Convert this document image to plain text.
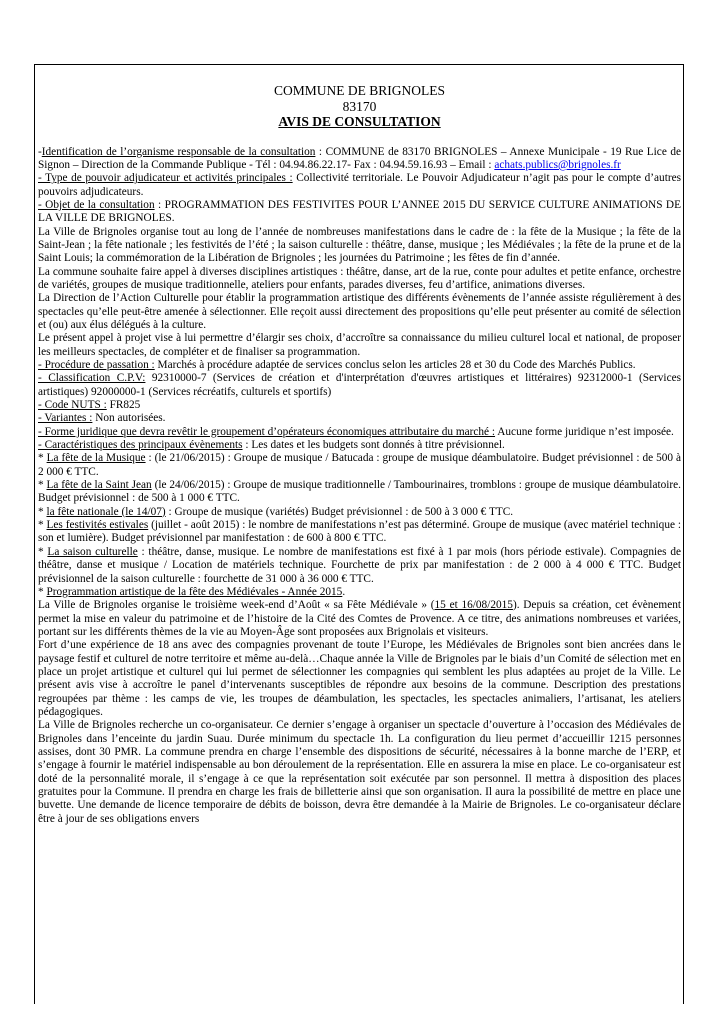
COMMUNE DE BRIGNOLES
83170
AVIS DE CONSULTATION

-Identification de l’organisme responsable de la consultation : COMMUNE de 83170 BRIGNOLES – Annexe Municipale - 19 Rue Lice de Signon – Direction de la Commande Publique - Tél : 04.94.86.22.17- Fax : 04.94.59.16.93 – Email : achats.publics@brignoles.fr

- Type de pouvoir adjudicateur et activités principales : Collectivité territoriale. Le Pouvoir Adjudicateur n’agit pas pour le compte d’autres pouvoirs adjudicateurs.

- Objet de la consultation : PROGRAMMATION DES FESTIVITES POUR L’ANNEE 2015 DU SERVICE CULTURE ANIMATIONS DE LA VILLE DE BRIGNOLES.

La Ville de Brignoles organise tout au long de l’année de nombreuses manifestations dans le cadre de : la fête de la Musique ; la fête de la Saint-Jean ; la fête nationale ; les festivités de l’été ; la saison culturelle : théâtre, danse, musique ; les Médiévales ; la fête de la prune et de la Saint Louis; la commémoration de la Libération de Brignoles ; les journées du Patrimoine ; les fêtes de fin d’année.

La commune souhaite faire appel à diverses disciplines artistiques : théâtre, danse, art de la rue, conte pour adultes et petite enfance, orchestre de variétés, groupes de musique traditionnelle, ateliers pour enfants, parades diverses, feu d’artifice, animations diverses.

La Direction de l’Action Culturelle pour établir la programmation artistique des différents évènements de l’année assiste régulièrement à des spectacles qu’elle peut-être amenée à sélectionner. Elle reçoit aussi directement des propositions qu’elle peut présenter au comité de sélection et (ou) aux élus délégués à la culture.

Le présent appel à projet vise à lui permettre d’élargir ses choix, d’accroître sa connaissance du milieu culturel local et national, de proposer les meilleurs spectacles, de compléter et de finaliser sa programmation.

- Procédure de passation : Marchés à procédure adaptée de services conclus selon les articles 28 et 30 du Code des Marchés Publics.

- Classification C.P.V: 92310000-7 (Services de création et d'interprétation d'œuvres artistiques et littéraires) 92312000-1 (Services artistiques) 92000000-1 (Services récréatifs, culturels et sportifs)

- Code NUTS : FR825

- Variantes : Non autorisées.

- Forme juridique que devra revêtir le groupement d’opérateurs économiques attributaire du marché : Aucune forme juridique n’est imposée.

- Caractéristiques des principaux évènements : Les dates et les budgets sont donnés à titre prévisionnel.

* La fête de la Musique : (le 21/06/2015) : Groupe de musique / Batucada : groupe de musique déambulatoire. Budget prévisionnel : de 500 à 2 000 € TTC.

* La fête de la Saint Jean (le 24/06/2015) : Groupe de musique traditionnelle / Tambourinaires, tromblons : groupe de musique déambulatoire. Budget prévisionnel : de 500 à 1 000 € TTC.

* la fête nationale (le 14/07) : Groupe de musique (variétés) Budget prévisionnel : de 500 à 3 000 € TTC.

* Les festivités estivales (juillet - août 2015) : le nombre de manifestations n’est pas déterminé. Groupe de musique (avec matériel technique : son et lumière). Budget prévisionnel par manifestation : de 600 à 800 € TTC.

* La saison culturelle : théâtre, danse, musique. Le nombre de manifestations est fixé à 1 par mois (hors période estivale). Compagnies de théâtre, danse et musique / Location de matériels technique. Fourchette de prix par manifestation : de 2 000 à 4 000 € TTC. Budget prévisionnel de la saison culturelle : fourchette de 31 000 à 36 000 € TTC.

* Programmation artistique de la fête des Médiévales - Année 2015.

La Ville de Brignoles organise le troisième week-end d’Août « sa Fête Médiévale » (15 et 16/08/2015). Depuis sa création, cet évènement permet la mise en valeur du patrimoine et de l’histoire de la Cité des Comtes de Provence. A ce titre, des animations nombreuses et variées, portant sur les différents thèmes de la vie au Moyen-Âge sont proposées aux Brignolais et visiteurs.

Fort d’une expérience de 18 ans avec des compagnies provenant de toute l’Europe, les Médiévales de Brignoles sont bien ancrées dans le paysage festif et culturel de notre territoire et même au-delà…Chaque année la Ville de Brignoles par le biais d’un Comité de sélection met en place un projet artistique et culturel qui lui permet de sélectionner les compagnies qui semblent les plus adaptées au projet de la Ville. Le présent avis vise à accroître le panel d’intervenants susceptibles de répondre aux besoins de la commune. Description des prestations regroupées par thème : les camps de vie, les troupes de déambulation, les spectacles, les spectacles animaliers, l’artisanat, les ateliers pédagogiques.

La Ville de Brignoles recherche un co-organisateur. Ce dernier s’engage à organiser un spectacle d’ouverture à l’occasion des Médiévales de Brignoles dans l’enceinte du jardin Suau. Durée minimum du spectacle 1h. La configuration du lieu permet d’accueillir 1215 personnes assises, dont 30 PMR. La commune prendra en charge l’ensemble des dispositions de sécurité, nécessaires à la bonne marche de l’ERP, et s’engage à fournir le matériel indispensable au bon déroulement de la représentation. Elle en assurera la mise en place. Le co-organisateur est doté de la personnalité morale, il s’engage à ce que la représentation soit exécutée par son personnel. Il mettra à disposition des places gratuites pour la Commune. Il prendra en charge les frais de billetterie ainsi que son organisation. Il aura la possibilité de mettre en place une buvette. Une demande de licence temporaire de débits de boisson, devra être demandée à la Mairie de Brignoles. Le co-organisateur déclare être à jour de ses obligations envers
